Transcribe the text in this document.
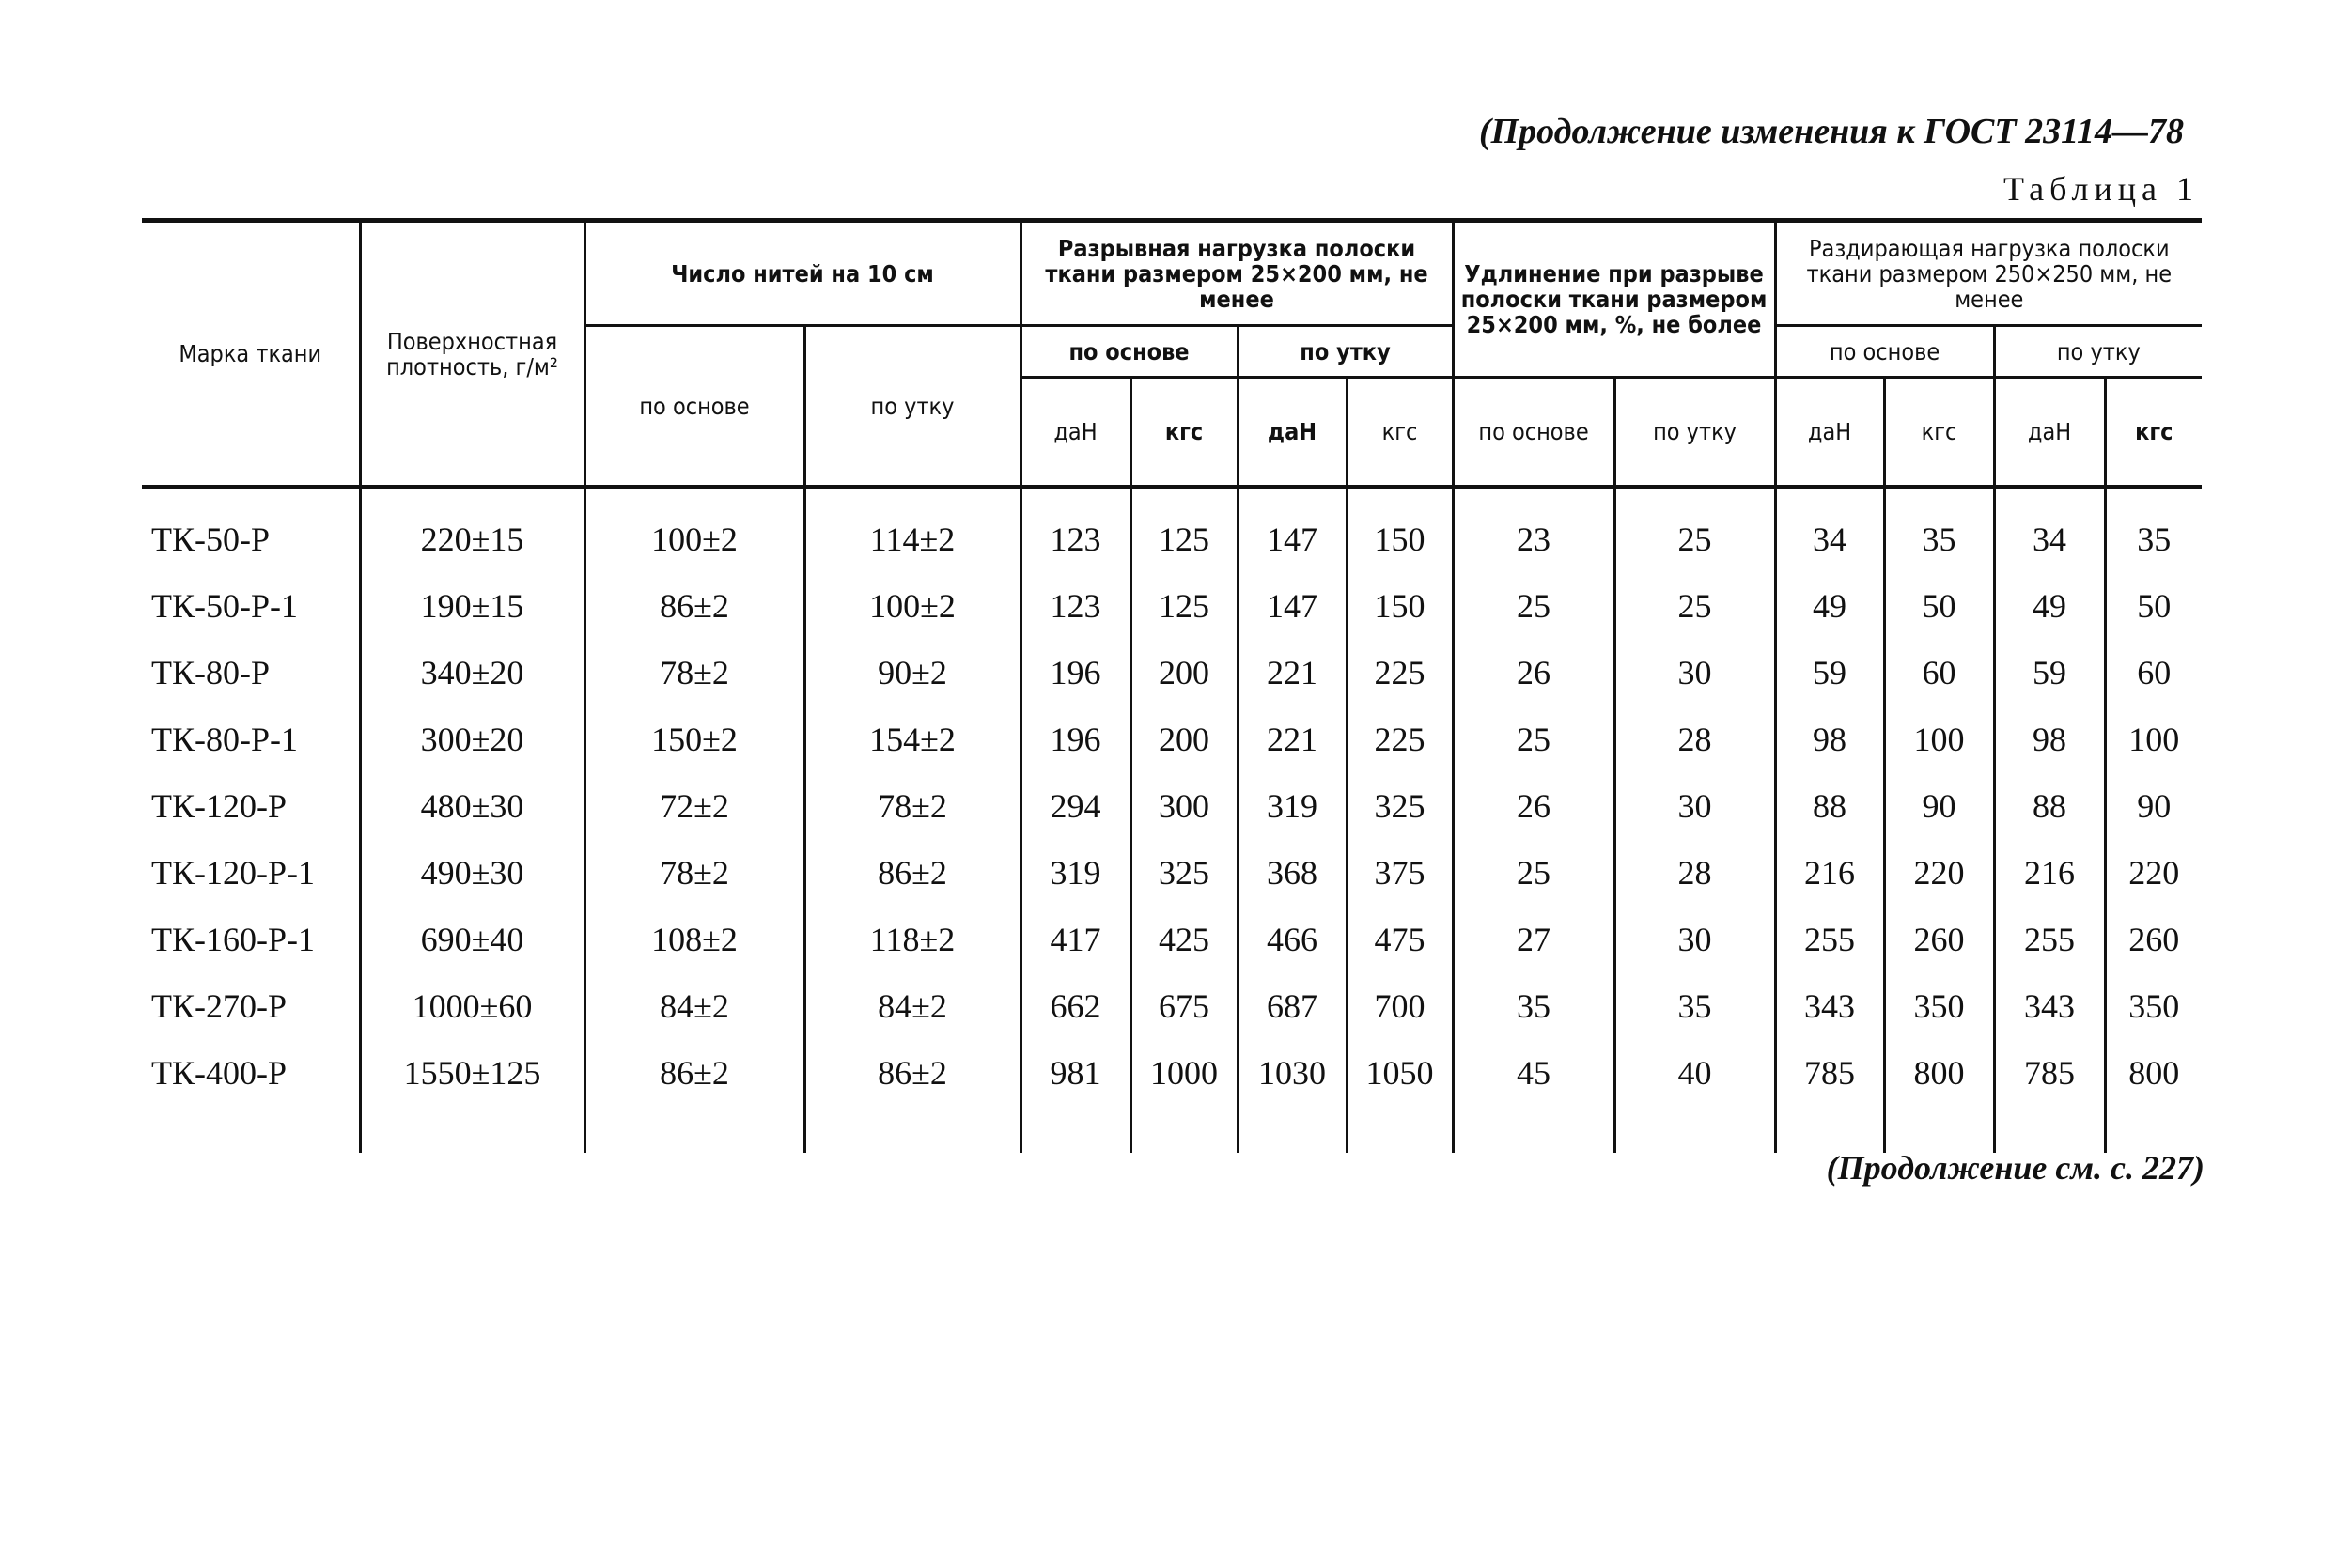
(Продолжение изменения к ГОСТ 23114—78
Таблица 1
Марка ткани	Поверхностная плотность, г/м²	Число нитей на 10 см		Разрывная нагрузка полоски ткани размером 25×200 мм, не менее				Удлинение при разрыве полоски ткани размером 25×200 мм, %, не более		Раздирающая нагрузка полоски ткани размером 250×250 мм, не менее			
		по основе	по утку	по основе		по утку				по основе		по утку	
				даН	кгс	даН	кгс	по основе	по утку	даН	кгс	даН	кгс
ТК-50-Р	220±15	100±2	114±2	123	125	147	150	23	25	34	35	34	35
ТК-50-Р-1	190±15	86±2	100±2	123	125	147	150	25	25	49	50	49	50
ТК-80-Р	340±20	78±2	90±2	196	200	221	225	26	30	59	60	59	60
ТК-80-Р-1	300±20	150±2	154±2	196	200	221	225	25	28	98	100	98	100
ТК-120-Р	480±30	72±2	78±2	294	300	319	325	26	30	88	90	88	90
ТК-120-Р-1	490±30	78±2	86±2	319	325	368	375	25	28	216	220	216	220
ТК-160-Р-1	690±40	108±2	118±2	417	425	466	475	27	30	255	260	255	260
ТК-270-Р	1000±60	84±2	84±2	662	675	687	700	35	35	343	350	343	350
ТК-400-Р	1550±125	86±2	86±2	981	1000	1030	1050	45	40	785	800	785	800

(Продолжение см. с. 227)
